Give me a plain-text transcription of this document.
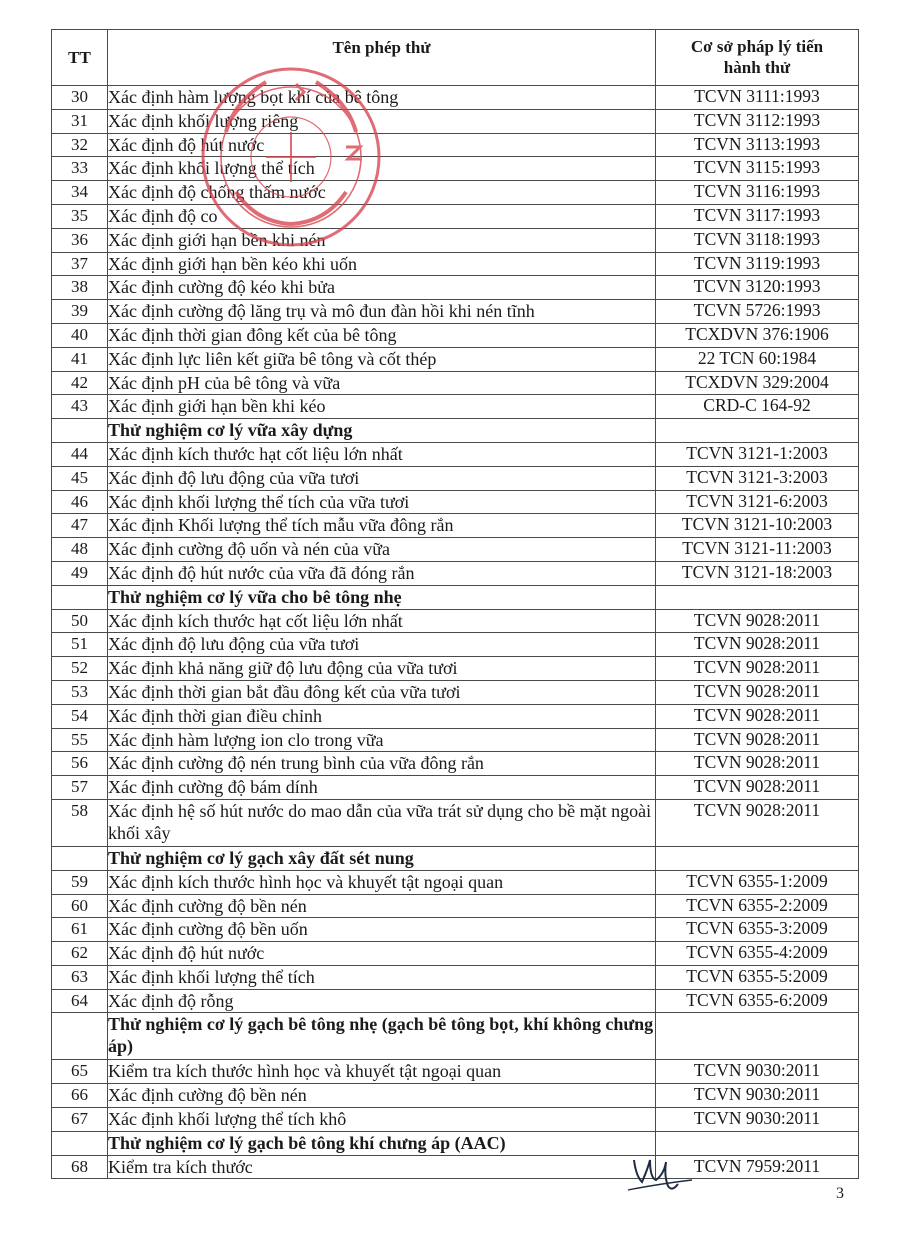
TT	Tên phép thử	Cơ sở pháp lý tiến hành thử
30	Xác định hàm lượng bọt khí của bê tông	TCVN 3111:1993
31	Xác định khối lượng riêng	TCVN 3112:1993
32	Xác định độ hút nước	TCVN 3113:1993
33	Xác định khối lượng thể tích	TCVN 3115:1993
34	Xác định độ chống thấm nước	TCVN 3116:1993
35	Xác định độ co	TCVN 3117:1993
36	Xác định giới hạn bền khi nén	TCVN 3118:1993
37	Xác định giới hạn bền kéo khi uốn	TCVN 3119:1993
38	Xác định cường độ kéo khi bửa	TCVN 3120:1993
39	Xác định cường độ lăng trụ và mô đun đàn hồi khi nén tĩnh	TCVN 5726:1993
40	Xác định thời gian đông kết của bê tông	TCXDVN 376:1906
41	Xác định lực liên kết giữa bê tông và cốt thép	22 TCN 60:1984
42	Xác định pH của bê tông và vữa	TCXDVN 329:2004
43	Xác định giới hạn bền khi kéo	CRD-C 164-92
	Thử nghiệm cơ lý vữa xây dựng	
44	Xác định kích thước hạt cốt liệu lớn nhất	TCVN 3121-1:2003
45	Xác định độ lưu động của vữa tươi	TCVN 3121-3:2003
46	Xác định khối lượng thể tích của vữa tươi	TCVN 3121-6:2003
47	Xác định Khối lượng thể tích mẫu vữa đông rắn	TCVN 3121-10:2003
48	Xác định cường độ uốn và nén của vữa	TCVN 3121-11:2003
49	Xác định độ hút nước của vữa đã đóng rắn	TCVN 3121-18:2003
	Thử nghiệm cơ lý vữa cho bê tông nhẹ	
50	Xác định kích thước hạt cốt liệu lớn nhất	TCVN 9028:2011
51	Xác định độ lưu động của vữa tươi	TCVN 9028:2011
52	Xác định khả năng giữ độ lưu động của vữa tươi	TCVN 9028:2011
53	Xác định thời gian bắt đầu đông kết của vữa tươi	TCVN 9028:2011
54	Xác định thời gian điều chỉnh	TCVN 9028:2011
55	Xác định hàm lượng ion clo trong vữa	TCVN 9028:2011
56	Xác định cường độ nén trung bình của vữa đông rắn	TCVN 9028:2011
57	Xác định cường độ bám dính	TCVN 9028:2011
58	Xác định hệ số hút nước do mao dẫn của vữa trát sử dụng cho bề mặt ngoài khối xây	TCVN 9028:2011
	Thử nghiệm cơ lý gạch xây đất sét nung	
59	Xác định kích thước hình học và khuyết tật ngoại quan	TCVN 6355-1:2009
60	Xác định cường độ bền nén	TCVN 6355-2:2009
61	Xác định cường độ bền uốn	TCVN 6355-3:2009
62	Xác định độ hút nước	TCVN 6355-4:2009
63	Xác định khối lượng thể tích	TCVN 6355-5:2009
64	Xác định độ rỗng	TCVN 6355-6:2009
	Thử nghiệm cơ lý gạch bê tông nhẹ (gạch bê tông bọt, khí không chưng áp)	
65	Kiểm tra kích thước hình học và khuyết tật ngoại quan	TCVN 9030:2011
66	Xác định cường độ bền nén	TCVN 9030:2011
67	Xác định khối lượng thể tích khô	TCVN 9030:2011
	Thử nghiệm cơ lý gạch bê tông khí chưng áp (AAC)	
68	Kiểm tra kích thước	TCVN 7959:2011
3
